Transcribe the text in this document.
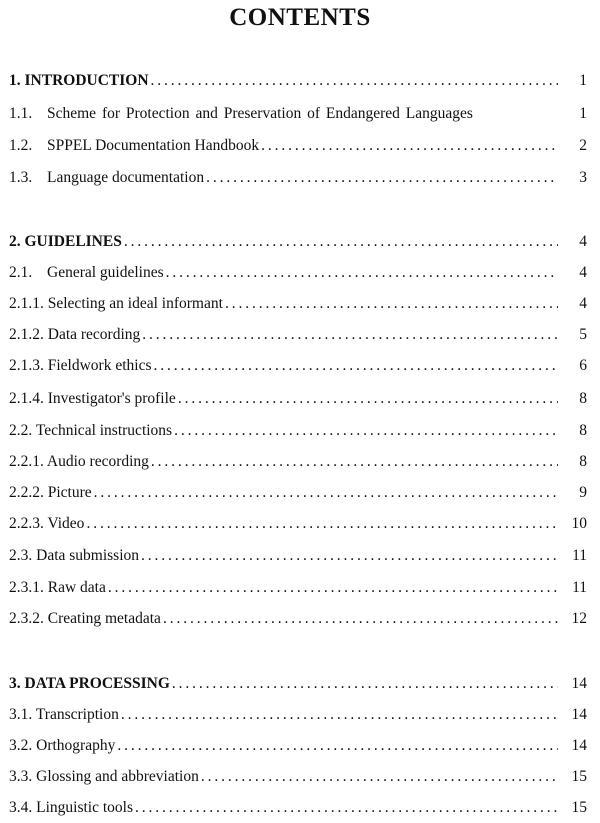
CONTENTS
1. INTRODUCTION . . .	1
1.1. Scheme for Protection and Preservation of Endangered Languages	1
1.2. SPPEL Documentation Handbook . . .	2
1.3. Language documentation . . .	3
2. GUIDELINES . . .	4
2.1. General guidelines . . .	4
2.1.1. Selecting an ideal informant . . .	4
2.1.2. Data recording . . .	5
2.1.3. Fieldwork ethics . . .	6
2.1.4. Investigator's profile . . .	8
2.2. Technical instructions . . .	8
2.2.1. Audio recording . . .	8
2.2.2. Picture . . .	9
2.2.3. Video . . .	10
2.3. Data submission . . .	11
2.3.1. Raw data . . .	11
2.3.2. Creating metadata . . .	12
3. DATA PROCESSING . . .	14
3.1. Transcription . . .	14
3.2. Orthography . . .	14
3.3. Glossing and abbreviation . . .	15
3.4. Linguistic tools . . .	15
